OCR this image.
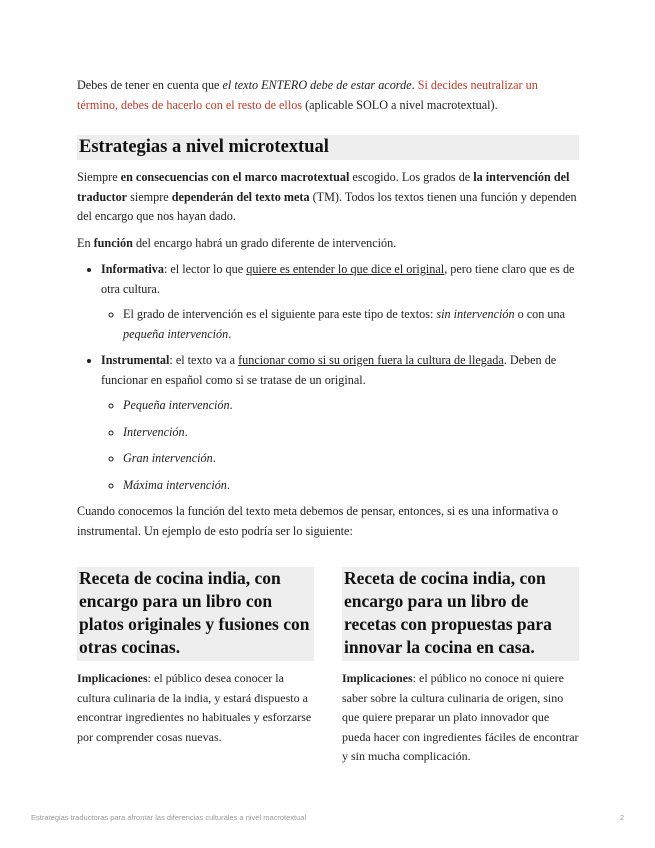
Debes de tener en cuenta que el texto ENTERO debe de estar acorde. Si decides neutralizar un término, debes de hacerlo con el resto de ellos (aplicable SOLO a nivel macrotextual).

Estrategias a nivel microtextual

Siempre en consecuencias con el marco macrotextual escogido. Los grados de la intervención del traductor siempre dependerán del texto meta (TM). Todos los textos tienen una función y dependen del encargo que nos hayan dado.

En función del encargo habrá un grado diferente de intervención.

• Informativa: el lector lo que quiere es entender lo que dice el original, pero tiene claro que es de otra cultura.
◦ El grado de intervención es el siguiente para este tipo de textos: sin intervención o con una pequeña intervención.
• Instrumental: el texto va a funcionar como si su origen fuera la cultura de llegada. Deben de funcionar en español como si se tratase de un original.
◦ Pequeña intervención.
◦ Intervención.
◦ Gran intervención.
◦ Máxima intervención.

Cuando conocemos la función del texto meta debemos de pensar, entonces, si es una informativa o instrumental. Un ejemplo de esto podría ser lo siguiente:

Receta de cocina india, con encargo para un libro con platos originales y fusiones con otras cocinas.

Implicaciones: el público desea conocer la cultura culinaria de la india, y estará dispuesto a encontrar ingredientes no habituales y esforzarse por comprender cosas nuevas.

Receta de cocina india, con encargo para un libro de recetas con propuestas para innovar la cocina en casa.

Implicaciones: el público no conoce ni quiere saber sobre la cultura culinaria de origen, sino que quiere preparar un plato innovador que pueda hacer con ingredientes fáciles de encontrar y sin mucha complicación.

Estrategias traductoras para afrontar las diferencias culturales a nivel macrotextual	2
